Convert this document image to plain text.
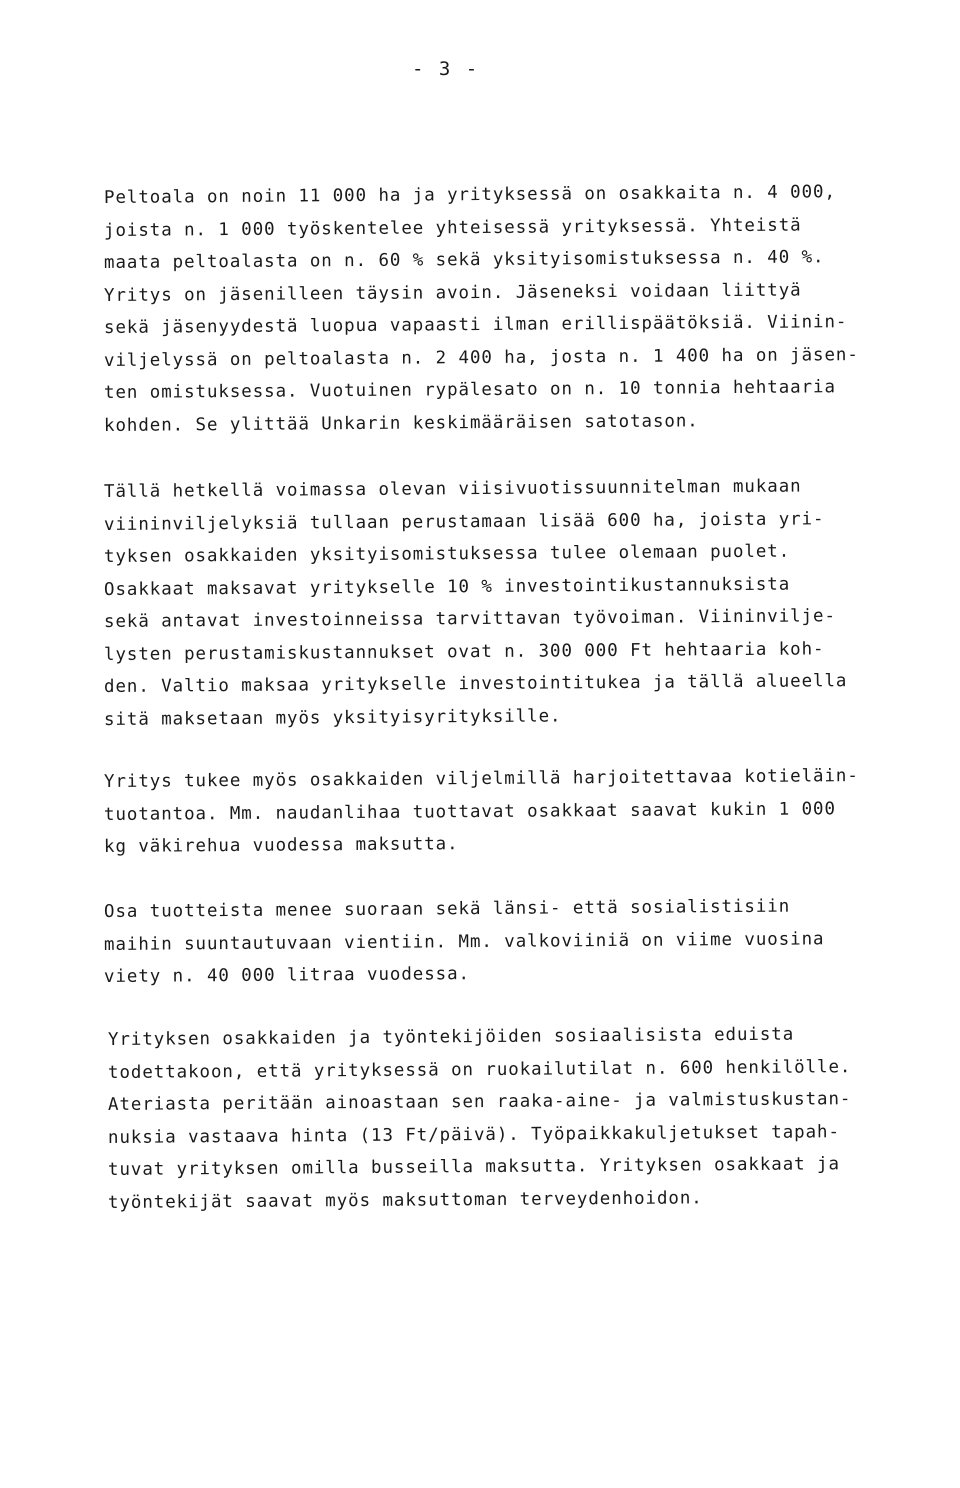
- 3 -
Peltoala on noin 11 000 ha ja yrityksessä on osakkaita n. 4 000,
joista n. 1 000 työskentelee yhteisessä yrityksessä. Yhteistä
maata peltoalasta on n. 60 % sekä yksityisomistuksessa n. 40 %.
Yritys on jäsenilleen täysin avoin. Jäseneksi voidaan liittyä
sekä jäsenyydestä luopua vapaasti ilman erillispäätöksiä. Viinin-
viljelyssä on peltoalasta n. 2 400 ha, josta n. 1 400 ha on jäsen-
ten omistuksessa. Vuotuinen rypälesato on n. 10 tonnia hehtaaria
kohden. Se ylittää Unkarin keskimääräisen satotason.
Tällä hetkellä voimassa olevan viisivuotissuunnitelman mukaan
viininviljelyksiä tullaan perustamaan lisää 600 ha, joista yri-
tyksen osakkaiden yksityisomistuksessa tulee olemaan puolet.
Osakkaat maksavat yritykselle 10 % investointikustannuksista
sekä antavat investoinneissa tarvittavan työvoiman. Viininvilje-
lysten perustamiskustannukset ovat n. 300 000 Ft hehtaaria koh-
den. Valtio maksaa yritykselle investointitukea ja tällä alueella
sitä maksetaan myös yksityisyrityksille.
Yritys tukee myös osakkaiden viljelmillä harjoitettavaa kotieläin-
tuotantoa. Mm. naudanlihaa tuottavat osakkaat saavat kukin 1 000
kg väkirehua vuodessa maksutta.
Osa tuotteista menee suoraan sekä länsi- että sosialistisiin
maihin suuntautuvaan vientiin. Mm. valkoviiniä on viime vuosina
viety n. 40 000 litraa vuodessa.
Yrityksen osakkaiden ja työntekijöiden sosiaalisista eduista
todettakoon, että yrityksessä on ruokailutilat n. 600 henkilölle.
Ateriasta peritään ainoastaan sen raaka-aine- ja valmistuskustan-
nuksia vastaava hinta (13 Ft/päivä). Työpaikkakuljetukset tapah-
tuvat yrityksen omilla busseilla maksutta. Yrityksen osakkaat ja
työntekijät saavat myös maksuttoman terveydenhoidon.
